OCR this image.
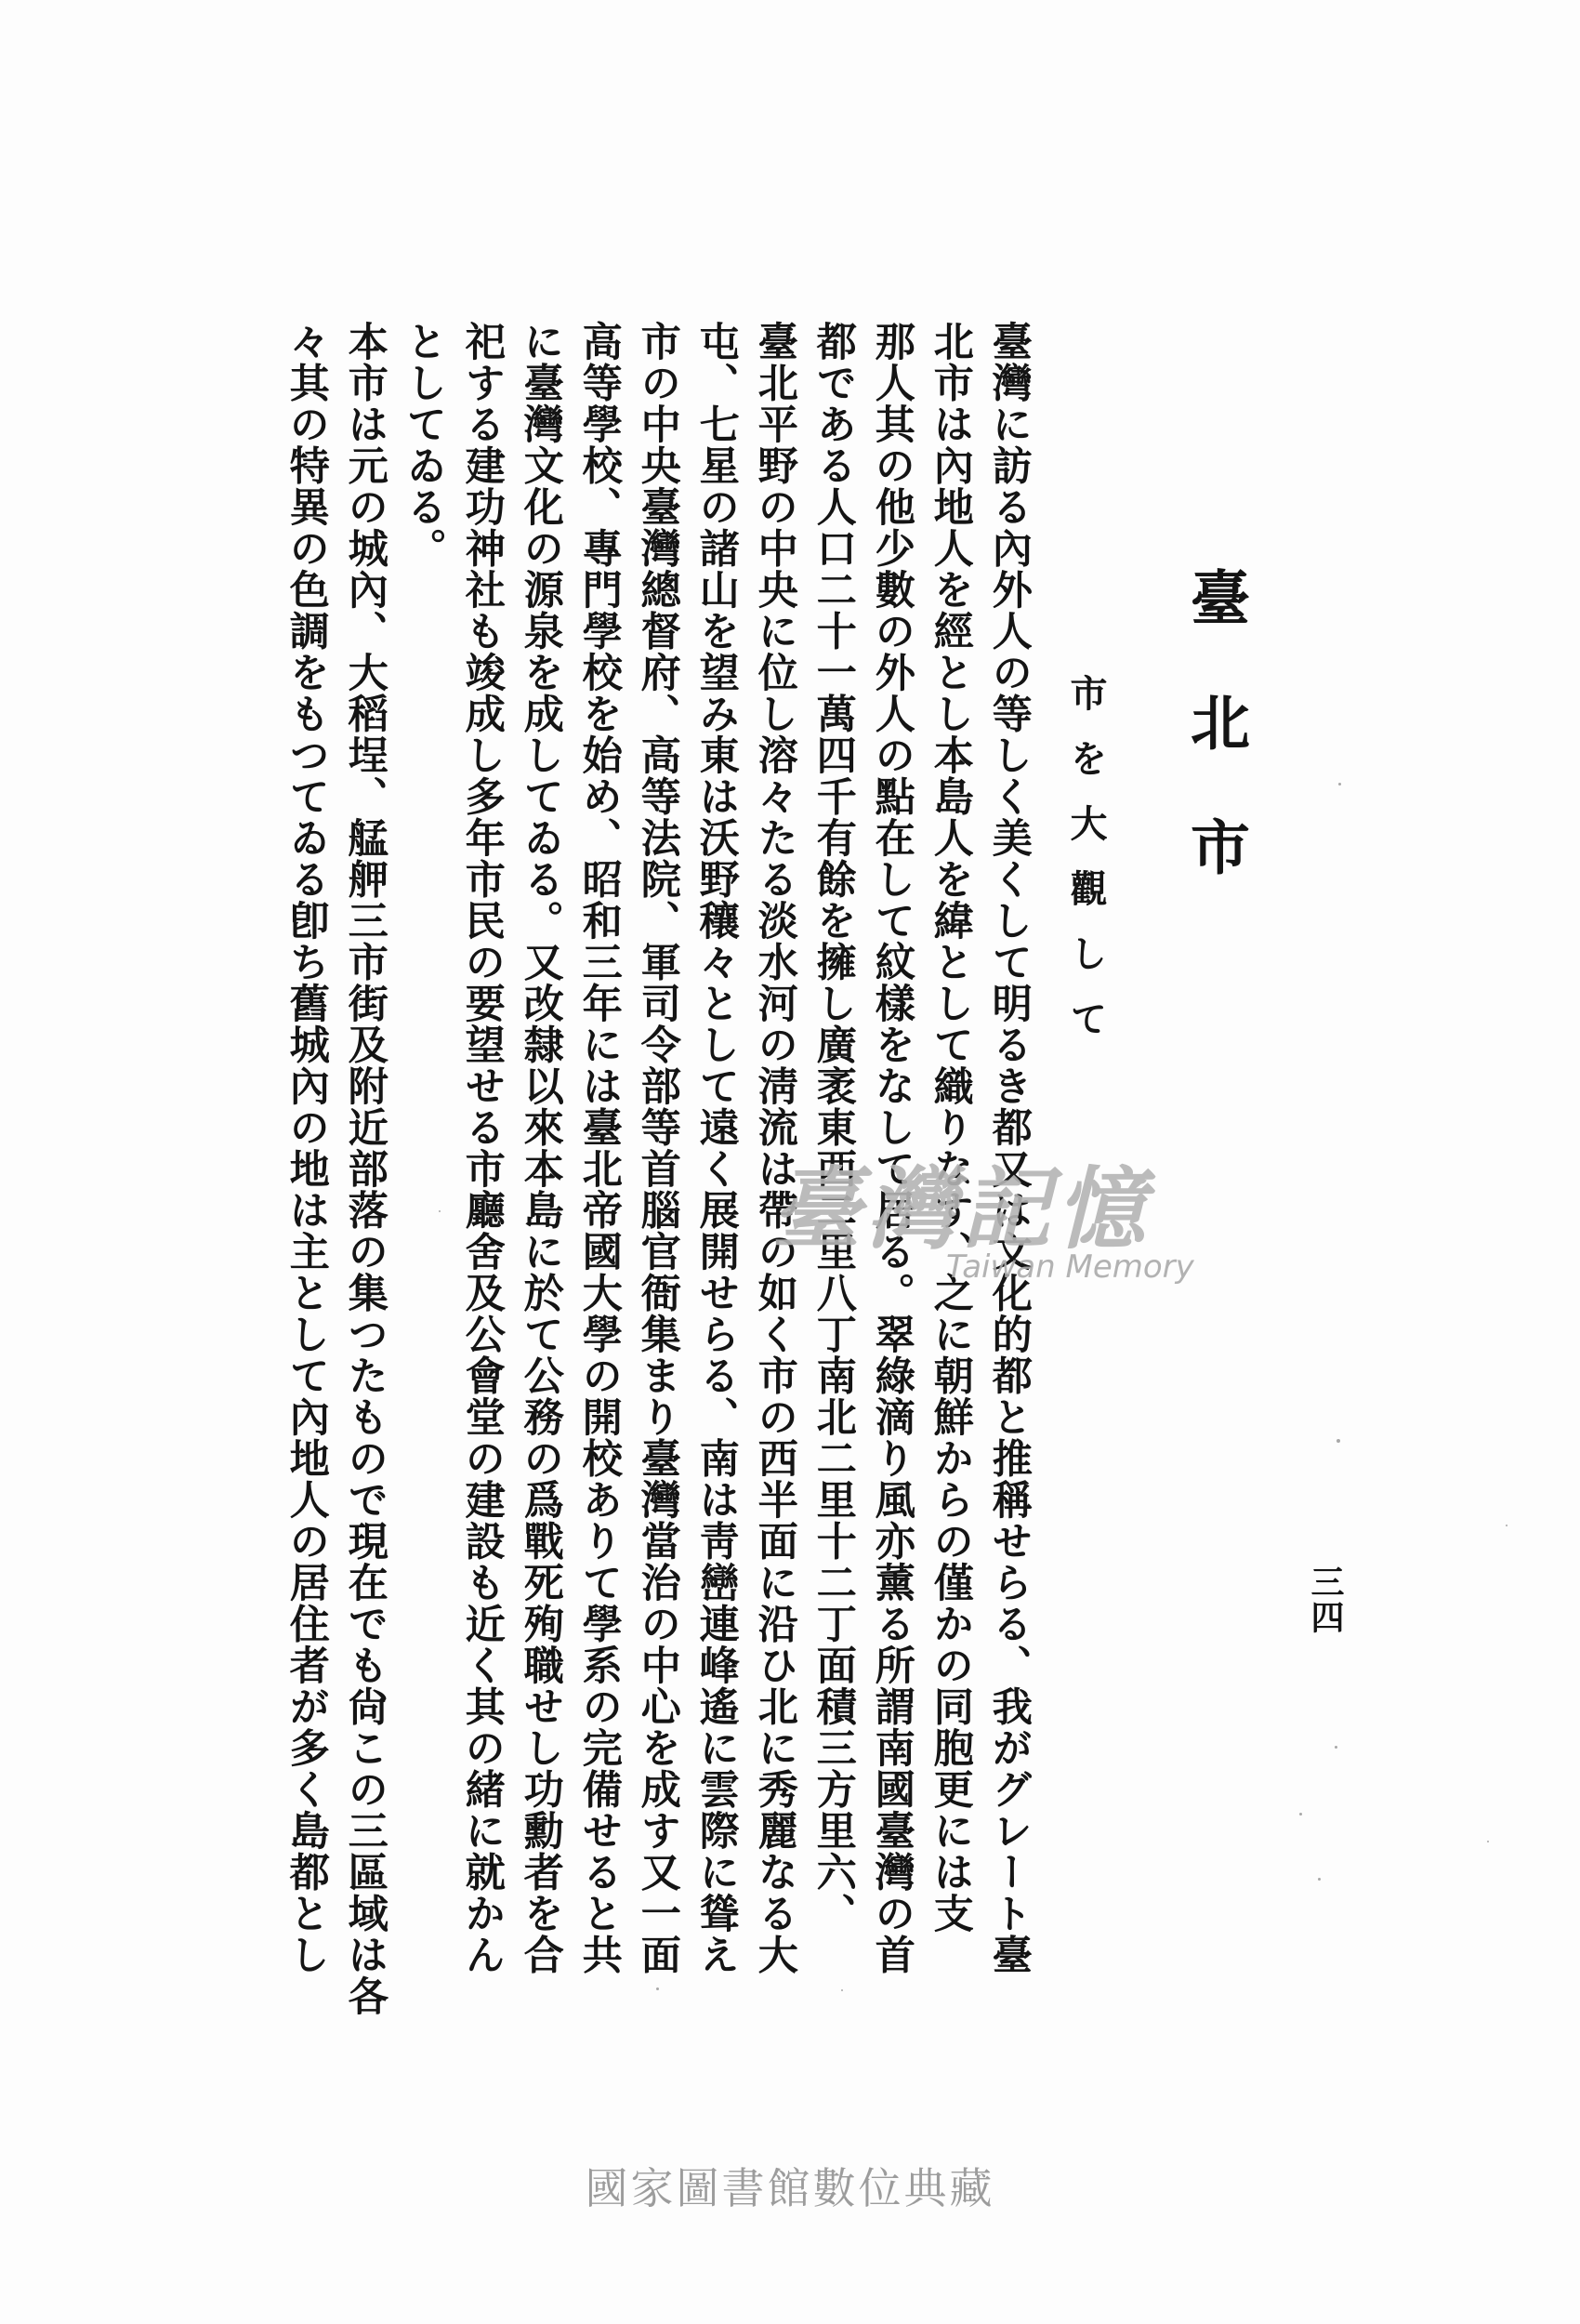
臺北市
市を大觀して
臺灣に訪る內外人の等しく美くして明るき都又は文化的都と推稱せらる、我がグレート臺
北市は內地人を經とし本島人を緯として織りなす、之に朝鮮からの僅かの同胞更には支
那人其の他少數の外人の點在して紋樣をなして居る。翠綠滴り風亦薰る所謂南國臺灣の首
都である人口二十一萬四千有餘を擁し廣袤東西二里八丁南北二里十二丁面積三方里六、
臺北平野の中央に位し溶々たる淡水河の淸流は帶の如く市の西半面に沿ひ北に秀麗なる大
屯、七星の諸山を望み東は沃野穰々として遠く展開せらる、南は靑巒連峰遙に雲際に聳え
市の中央臺灣總督府、高等法院、軍司令部等首腦官衙集まり臺灣當治の中心を成す又一面
高等學校、專門學校を始め、昭和三年には臺北帝國大學の開校ありて學系の完備せると共
に臺灣文化の源泉を成してゐる。又改隸以來本島に於て公務の爲戰死殉職せし功勳者を合
祀する建功神社も竣成し多年市民の要望せる市廳舍及公會堂の建設も近く其の緒に就かん
としてゐる。
本市は元の城內、大稻埕、艋舺三市街及附近部落の集つたもので現在でも尙この三區域は各
々其の特異の色調をもつてゐる卽ち舊城內の地は主として內地人の居住者が多く島都とし	三四
臺灣記憶
Taiwan Memory
國家圖書館數位典藏
